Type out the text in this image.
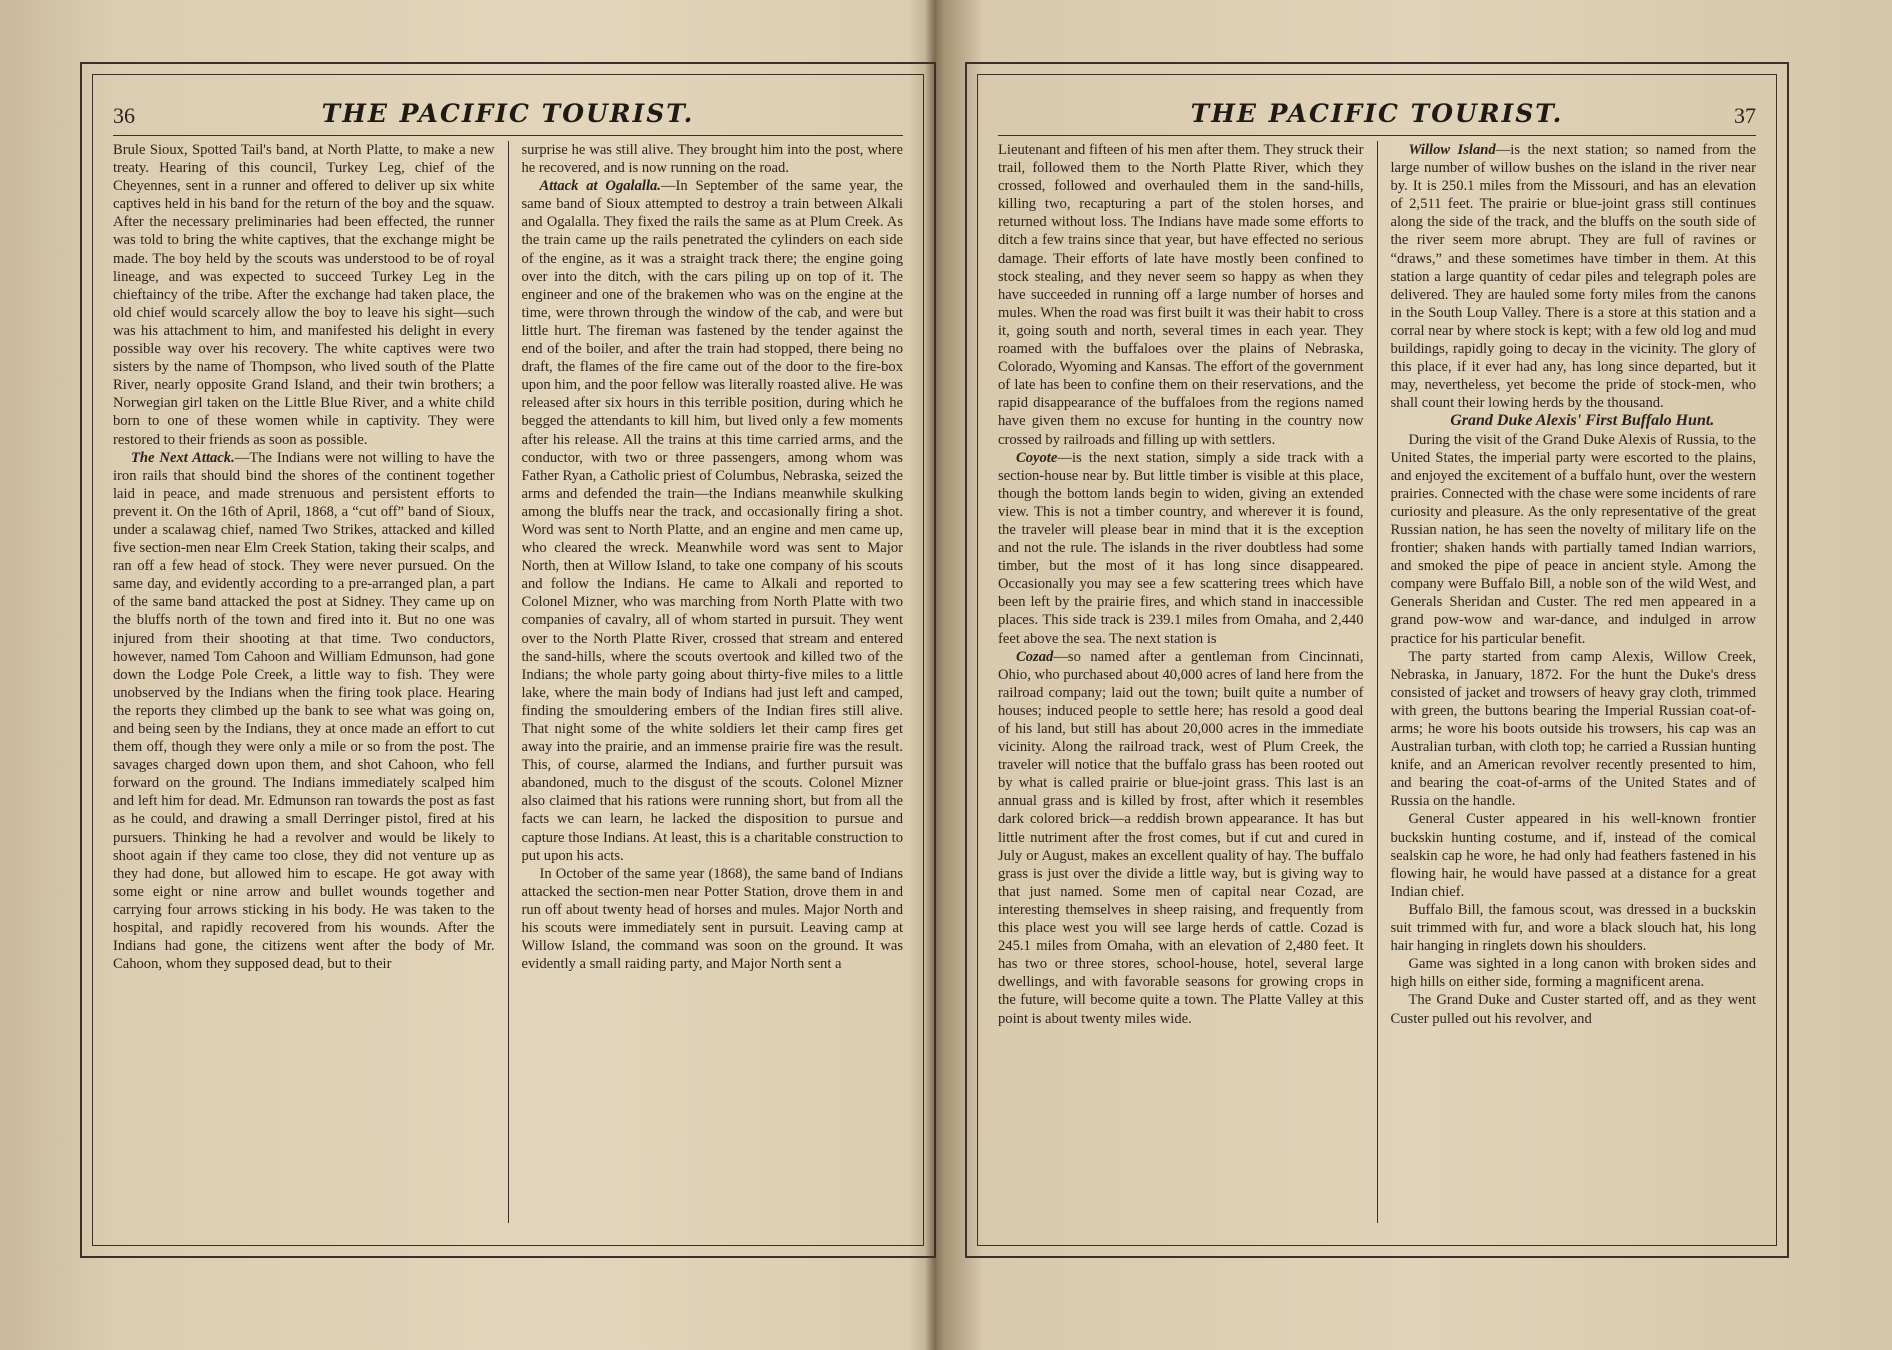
36	THE PACIFIC TOURIST.

Brule Sioux, Spotted Tail's band, at North Platte, to make a new treaty. Hearing of this council, Turkey Leg, chief of the Cheyennes, sent in a runner and offered to deliver up six white captives held in his band for the return of the boy and the squaw. After the necessary preliminaries had been effected, the runner was told to bring the white captives, that the exchange might be made. The boy held by the scouts was understood to be of royal lineage, and was expected to succeed Turkey Leg in the chieftaincy of the tribe. After the exchange had taken place, the old chief would scarcely allow the boy to leave his sight—such was his attachment to him, and manifested his delight in every possible way over his recovery. The white captives were two sisters by the name of Thompson, who lived south of the Platte River, nearly opposite Grand Island, and their twin brothers; a Norwegian girl taken on the Little Blue River, and a white child born to one of these women while in captivity. They were restored to their friends as soon as possible.

The Next Attack.—The Indians were not willing to have the iron rails that should bind the shores of the continent together laid in peace, and made strenuous and persistent efforts to prevent it. On the 16th of April, 1868, a “cut off” band of Sioux, under a scalawag chief, named Two Strikes, attacked and killed five section-men near Elm Creek Station, taking their scalps, and ran off a few head of stock. They were never pursued. On the same day, and evidently according to a pre-arranged plan, a part of the same band attacked the post at Sidney. They came up on the bluffs north of the town and fired into it. But no one was injured from their shooting at that time. Two conductors, however, named Tom Cahoon and William Edmunson, had gone down the Lodge Pole Creek, a little way to fish. They were unobserved by the Indians when the firing took place. Hearing the reports they climbed up the bank to see what was going on, and being seen by the Indians, they at once made an effort to cut them off, though they were only a mile or so from the post. The savages charged down upon them, and shot Cahoon, who fell forward on the ground. The Indians immediately scalped him and left him for dead. Mr. Edmunson ran towards the post as fast as he could, and drawing a small Derringer pistol, fired at his pursuers. Thinking he had a revolver and would be likely to shoot again if they came too close, they did not venture up as they had done, but allowed him to escape. He got away with some eight or nine arrow and bullet wounds together and carrying four arrows sticking in his body. He was taken to the hospital, and rapidly recovered from his wounds. After the Indians had gone, the citizens went after the body of Mr. Cahoon, whom they supposed dead, but to their

surprise he was still alive. They brought him into the post, where he recovered, and is now running on the road.

Attack at Ogalalla.—In September of the same year, the same band of Sioux attempted to destroy a train between Alkali and Ogalalla. They fixed the rails the same as at Plum Creek. As the train came up the rails penetrated the cylinders on each side of the engine, as it was a straight track there; the engine going over into the ditch, with the cars piling up on top of it. The engineer and one of the brakemen who was on the engine at the time, were thrown through the window of the cab, and were but little hurt. The fireman was fastened by the tender against the end of the boiler, and after the train had stopped, there being no draft, the flames of the fire came out of the door to the fire-box upon him, and the poor fellow was literally roasted alive. He was released after six hours in this terrible position, during which he begged the attendants to kill him, but lived only a few moments after his release. All the trains at this time carried arms, and the conductor, with two or three passengers, among whom was Father Ryan, a Catholic priest of Columbus, Nebraska, seized the arms and defended the train—the Indians meanwhile skulking among the bluffs near the track, and occasionally firing a shot. Word was sent to North Platte, and an engine and men came up, who cleared the wreck. Meanwhile word was sent to Major North, then at Willow Island, to take one company of his scouts and follow the Indians. He came to Alkali and reported to Colonel Mizner, who was marching from North Platte with two companies of cavalry, all of whom started in pursuit. They went over to the North Platte River, crossed that stream and entered the sand-hills, where the scouts overtook and killed two of the Indians; the whole party going about thirty-five miles to a little lake, where the main body of Indians had just left and camped, finding the smouldering embers of the Indian fires still alive. That night some of the white soldiers let their camp fires get away into the prairie, and an immense prairie fire was the result. This, of course, alarmed the Indians, and further pursuit was abandoned, much to the disgust of the scouts. Colonel Mizner also claimed that his rations were running short, but from all the facts we can learn, he lacked the disposition to pursue and capture those Indians. At least, this is a charitable construction to put upon his acts.

In October of the same year (1868), the same band of Indians attacked the section-men near Potter Station, drove them in and run off about twenty head of horses and mules. Major North and his scouts were immediately sent in pursuit. Leaving camp at Willow Island, the command was soon on the ground. It was evidently a small raiding party, and Major North sent a

THE PACIFIC TOURIST.	37

Lieutenant and fifteen of his men after them. They struck their trail, followed them to the North Platte River, which they crossed, followed and overhauled them in the sand-hills, killing two, recapturing a part of the stolen horses, and returned without loss. The Indians have made some efforts to ditch a few trains since that year, but have effected no serious damage. Their efforts of late have mostly been confined to stock stealing, and they never seem so happy as when they have succeeded in running off a large number of horses and mules. When the road was first built it was their habit to cross it, going south and north, several times in each year. They roamed with the buffaloes over the plains of Nebraska, Colorado, Wyoming and Kansas. The effort of the government of late has been to confine them on their reservations, and the rapid disappearance of the buffaloes from the regions named have given them no excuse for hunting in the country now crossed by railroads and filling up with settlers.

Coyote—is the next station, simply a side track with a section-house near by. But little timber is visible at this place, though the bottom lands begin to widen, giving an extended view. This is not a timber country, and wherever it is found, the traveler will please bear in mind that it is the exception and not the rule. The islands in the river doubtless had some timber, but the most of it has long since disappeared. Occasionally you may see a few scattering trees which have been left by the prairie fires, and which stand in inaccessible places. This side track is 239.1 miles from Omaha, and 2,440 feet above the sea. The next station is

Cozad—so named after a gentleman from Cincinnati, Ohio, who purchased about 40,000 acres of land here from the railroad company; laid out the town; built quite a number of houses; induced people to settle here; has resold a good deal of his land, but still has about 20,000 acres in the immediate vicinity. Along the railroad track, west of Plum Creek, the traveler will notice that the buffalo grass has been rooted out by what is called prairie or blue-joint grass. This last is an annual grass and is killed by frost, after which it resembles dark colored brick—a reddish brown appearance. It has but little nutriment after the frost comes, but if cut and cured in July or August, makes an excellent quality of hay. The buffalo grass is just over the divide a little way, but is giving way to that just named. Some men of capital near Cozad, are interesting themselves in sheep raising, and frequently from this place west you will see large herds of cattle. Cozad is 245.1 miles from Omaha, with an elevation of 2,480 feet. It has two or three stores, school-house, hotel, several large dwellings, and with favorable seasons for growing crops in the future, will become quite a town. The Platte Valley at this point is about twenty miles wide.

Willow Island—is the next station; so named from the large number of willow bushes on the island in the river near by. It is 250.1 miles from the Missouri, and has an elevation of 2,511 feet. The prairie or blue-joint grass still continues along the side of the track, and the bluffs on the south side of the river seem more abrupt. They are full of ravines or “draws,” and these sometimes have timber in them. At this station a large quantity of cedar piles and telegraph poles are delivered. They are hauled some forty miles from the canons in the South Loup Valley. There is a store at this station and a corral near by where stock is kept; with a few old log and mud buildings, rapidly going to decay in the vicinity. The glory of this place, if it ever had any, has long since departed, but it may, nevertheless, yet become the pride of stock-men, who shall count their lowing herds by the thousand.

Grand Duke Alexis' First Buffalo Hunt.

During the visit of the Grand Duke Alexis of Russia, to the United States, the imperial party were escorted to the plains, and enjoyed the excitement of a buffalo hunt, over the western prairies. Connected with the chase were some incidents of rare curiosity and pleasure. As the only representative of the great Russian nation, he has seen the novelty of military life on the frontier; shaken hands with partially tamed Indian warriors, and smoked the pipe of peace in ancient style. Among the company were Buffalo Bill, a noble son of the wild West, and Generals Sheridan and Custer. The red men appeared in a grand pow-wow and war-dance, and indulged in arrow practice for his particular benefit.

The party started from camp Alexis, Willow Creek, Nebraska, in January, 1872. For the hunt the Duke's dress consisted of jacket and trowsers of heavy gray cloth, trimmed with green, the buttons bearing the Imperial Russian coat-of-arms; he wore his boots outside his trowsers, his cap was an Australian turban, with cloth top; he carried a Russian hunting knife, and an American revolver recently presented to him, and bearing the coat-of-arms of the United States and of Russia on the handle.

General Custer appeared in his well-known frontier buckskin hunting costume, and if, instead of the comical sealskin cap he wore, he had only had feathers fastened in his flowing hair, he would have passed at a distance for a great Indian chief.

Buffalo Bill, the famous scout, was dressed in a buckskin suit trimmed with fur, and wore a black slouch hat, his long hair hanging in ringlets down his shoulders.

Game was sighted in a long canon with broken sides and high hills on either side, forming a magnificent arena.

The Grand Duke and Custer started off, and as they went Custer pulled out his revolver, and
